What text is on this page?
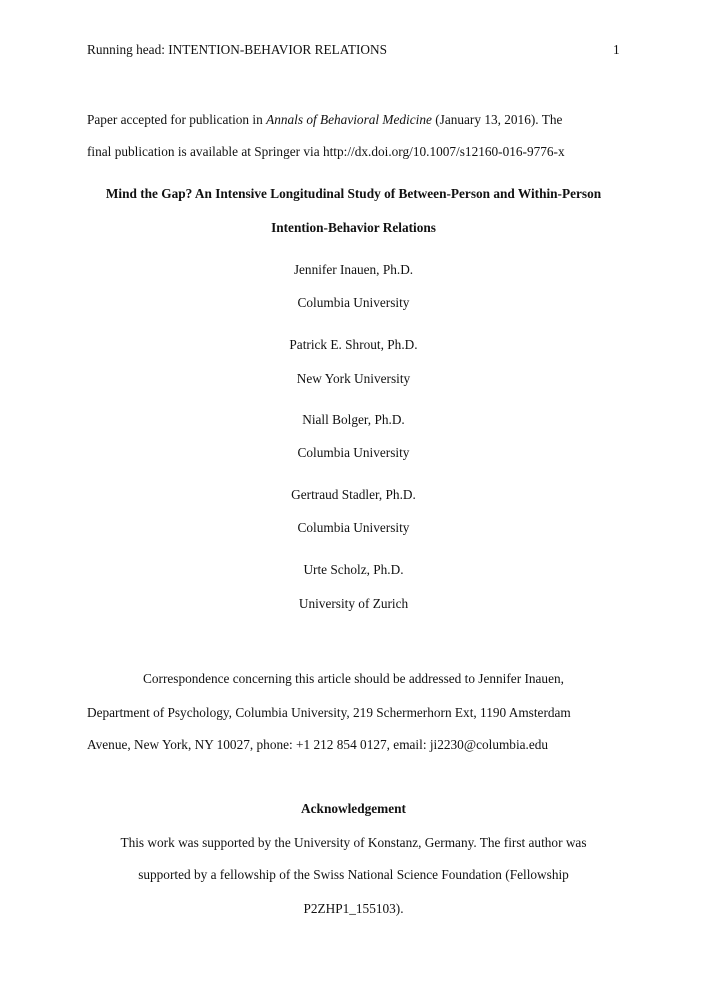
Running head: INTENTION-BEHAVIOR RELATIONS	1
Paper accepted for publication in Annals of Behavioral Medicine (January 13, 2016). The
final publication is available at Springer via http://dx.doi.org/10.1007/s12160-016-9776-x
Mind the Gap? An Intensive Longitudinal Study of Between-Person and Within-Person
Intention-Behavior Relations
Jennifer Inauen, Ph.D.
Columbia University
Patrick E. Shrout, Ph.D.
New York University
Niall Bolger, Ph.D.
Columbia University
Gertraud Stadler, Ph.D.
Columbia University
Urte Scholz, Ph.D.
University of Zurich
Correspondence concerning this article should be addressed to Jennifer Inauen,
Department of Psychology, Columbia University, 219 Schermerhorn Ext, 1190 Amsterdam
Avenue, New York, NY 10027, phone: +1 212 854 0127, email: ji2230@columbia.edu
Acknowledgement
This work was supported by the University of Konstanz, Germany. The first author was
supported by a fellowship of the Swiss National Science Foundation (Fellowship
P2ZHP1_155103).
